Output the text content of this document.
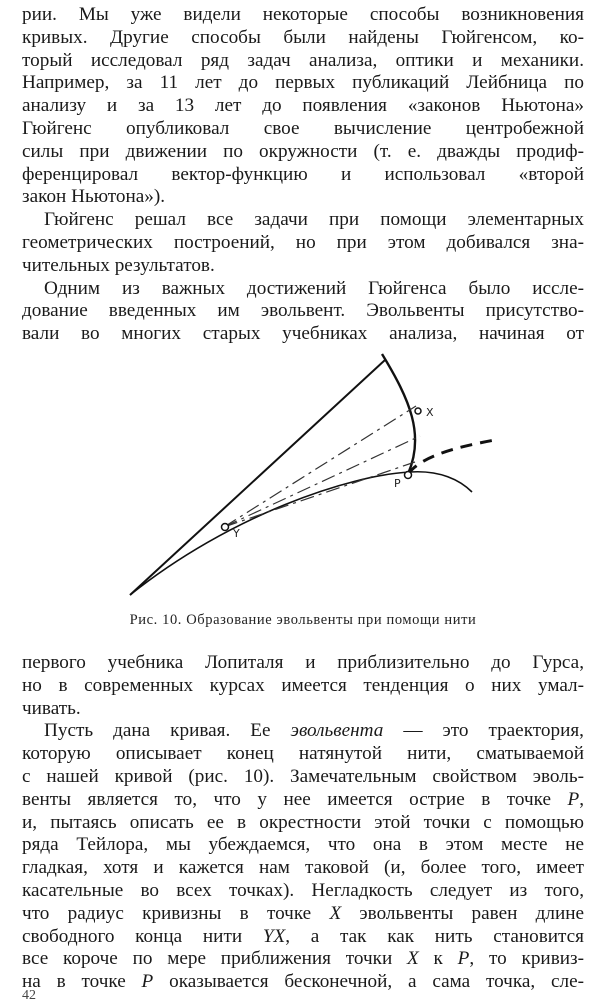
рии. Мы уже видели некоторые способы возникновения
кривых. Другие способы были найдены Гюйгенсом, ко-
торый исследовал ряд задач анализа, оптики и механики.
Например, за 11 лет до первых публикаций Лейбница по
анализу и за 13 лет до появления «законов Ньютона»
Гюйгенс опубликовал свое вычисление центробежной
силы при движении по окружности (т. е. дважды продиф-
ференцировал вектор-функцию и использовал «второй
закон Ньютона»).
Гюйгенс решал все задачи при помощи элементарных
геометрических построений, но при этом добивался зна-
чительных результатов.
Одним из важных достижений Гюйгенса было иссле-
дование введенных им эвольвент. Эвольвенты присутство-
вали во многих старых учебниках анализа, начиная от
X
P
Y
Рис. 10. Образование эвольвенты при помощи нити
первого учебника Лопиталя и приблизительно до Гурса,
но в современных курсах имеется тенденция о них умал-
чивать.
Пусть дана кривая. Ее эвольвента — это траектория,
которую описывает конец натянутой нити, сматываемой
с нашей кривой (рис. 10). Замечательным свойством эволь-
венты является то, что у нее имеется острие в точке P,
и, пытаясь описать ее в окрестности этой точки с помощью
ряда Тейлора, мы убеждаемся, что она в этом месте не
гладкая, хотя и кажется нам таковой (и, более того, имеет
касательные во всех точках). Негладкость следует из того,
что радиус кривизны в точке X эвольвенты равен длине
свободного конца нити YX, а так как нить становится
все короче по мере приближения точки X к P, то кривиз-
на в точке P оказывается бесконечной, а сама точка, сле-
42
